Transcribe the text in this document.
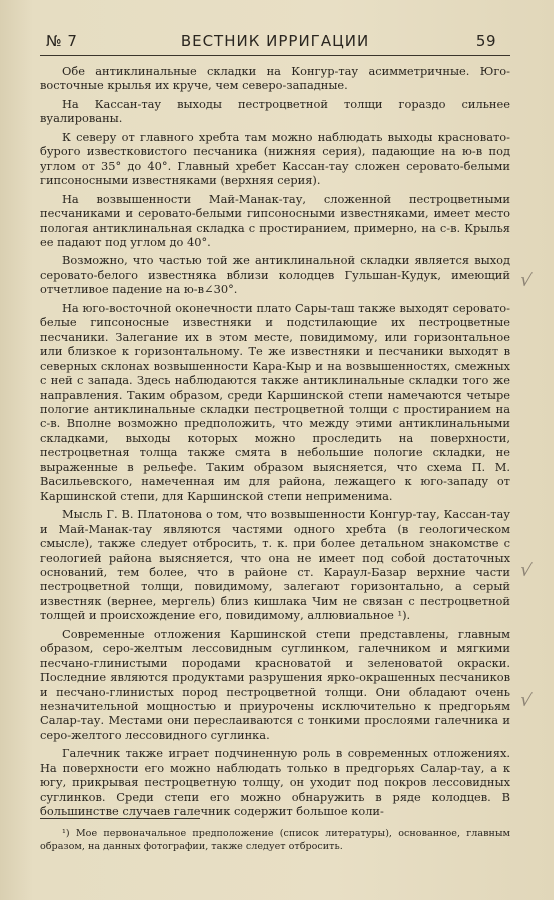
№ 7	ВЕСТНИК ИРРИГАЦИИ	59

Обе антиклинальные складки на Конгур-тау асимметричные. Юго-восточные крылья их круче, чем северо-западные.

На Кассан-тау выходы пестроцветной толщи гораздо сильнее вуалированы.

К северу от главного хребта там можно наблюдать выходы красновато-бурого известковистого песчаника (нижняя серия), падающие на ю-в под углом от 35° до 40°. Главный хребет Кассан-тау сложен серовато-белыми гипсоносными известняками (верхняя серия).

На возвышенности Май-Манак-тау, сложенной пестроцветными песчаниками и серовато-белыми гипсоносными известняками, имеет место пологая антиклинальная складка с простиранием, примерно, на с-в. Крылья ее падают под углом до 40°.

Возможно, что частью той же антиклинальной складки является выход серовато-белого известняка вблизи колодцев Гульшан-Кудук, имеющий отчетливое падение на ю-в∠30°.

На юго-восточной оконечности плато Сары-таш также выходят серовато-белые гипсоносные известняки и подстилающие их пестроцветные песчаники. Залегание их в этом месте, повидимому, или горизонтальное или близкое к горизонтальному. Те же известняки и песчаники выходят в северных склонах возвышенности Кара-Кыр и на возвышенностях, смежных с ней с запада. Здесь наблюдаются также антиклинальные складки того же направления. Таким образом, среди Каршинской степи намечаются четыре пологие антиклинальные складки пестроцветной толщи с простиранием на с-в. Вполне возможно предположить, что между этими антиклинальными складками, выходы которых можно проследить на поверхности, пестроцветная толща также смята в небольшие пологие складки, не выраженные в рельефе. Таким образом выясняется, что схема П. М. Васильевского, намеченная им для района, лежащего к юго-западу от Каршинской степи, для Каршинской степи неприменима.

Мысль Г. В. Платонова о том, что возвышенности Конгур-тау, Кассан-тау и Май-Манак-тау являются частями одного хребта (в геологическом смысле), также следует отбросить, т. к. при более детальном знакомстве с геологией района выясняется, что она не имеет под собой достаточных оснований, тем более, что в районе ст. Караул-Базар верхние части пестроцветной толщи, повидимому, залегают горизонтально, а серый известняк (вернее, мергель) близ кишлака Чим не связан с пестроцветной толщей и происхождение его, повидимому, аллювиальное ¹).

Современные отложения Каршинской степи представлены, главным образом, серо-желтым лессовидным суглинком, галечником и мягкими песчано-глинистыми породами красноватой и зеленоватой окраски. Последние являются продуктами разрушения ярко-окрашенных песчаников и песчано-глинистых пород пестроцветной толщи. Они обладают очень незначительной мощностью и приурочены исключительно к предгорьям Салар-тау. Местами они переслаиваются с тонкими прослоями галечника и серо-желтого лессовидного суглинка.

Галечник также играет подчиненную роль в современных отложениях. На поверхности его можно наблюдать только в предгорьях Салар-тау, а к югу, прикрывая пестроцветную толщу, он уходит под покров лессовидных суглинков. Среди степи его можно обнаружить в ряде колодцев. В большинстве случаев галечник содержит большое коли-

¹) Мое первоначальное предположение (список литературы), основанное, главным образом, на данных фотографии, также следует отбросить.

√
√
√
